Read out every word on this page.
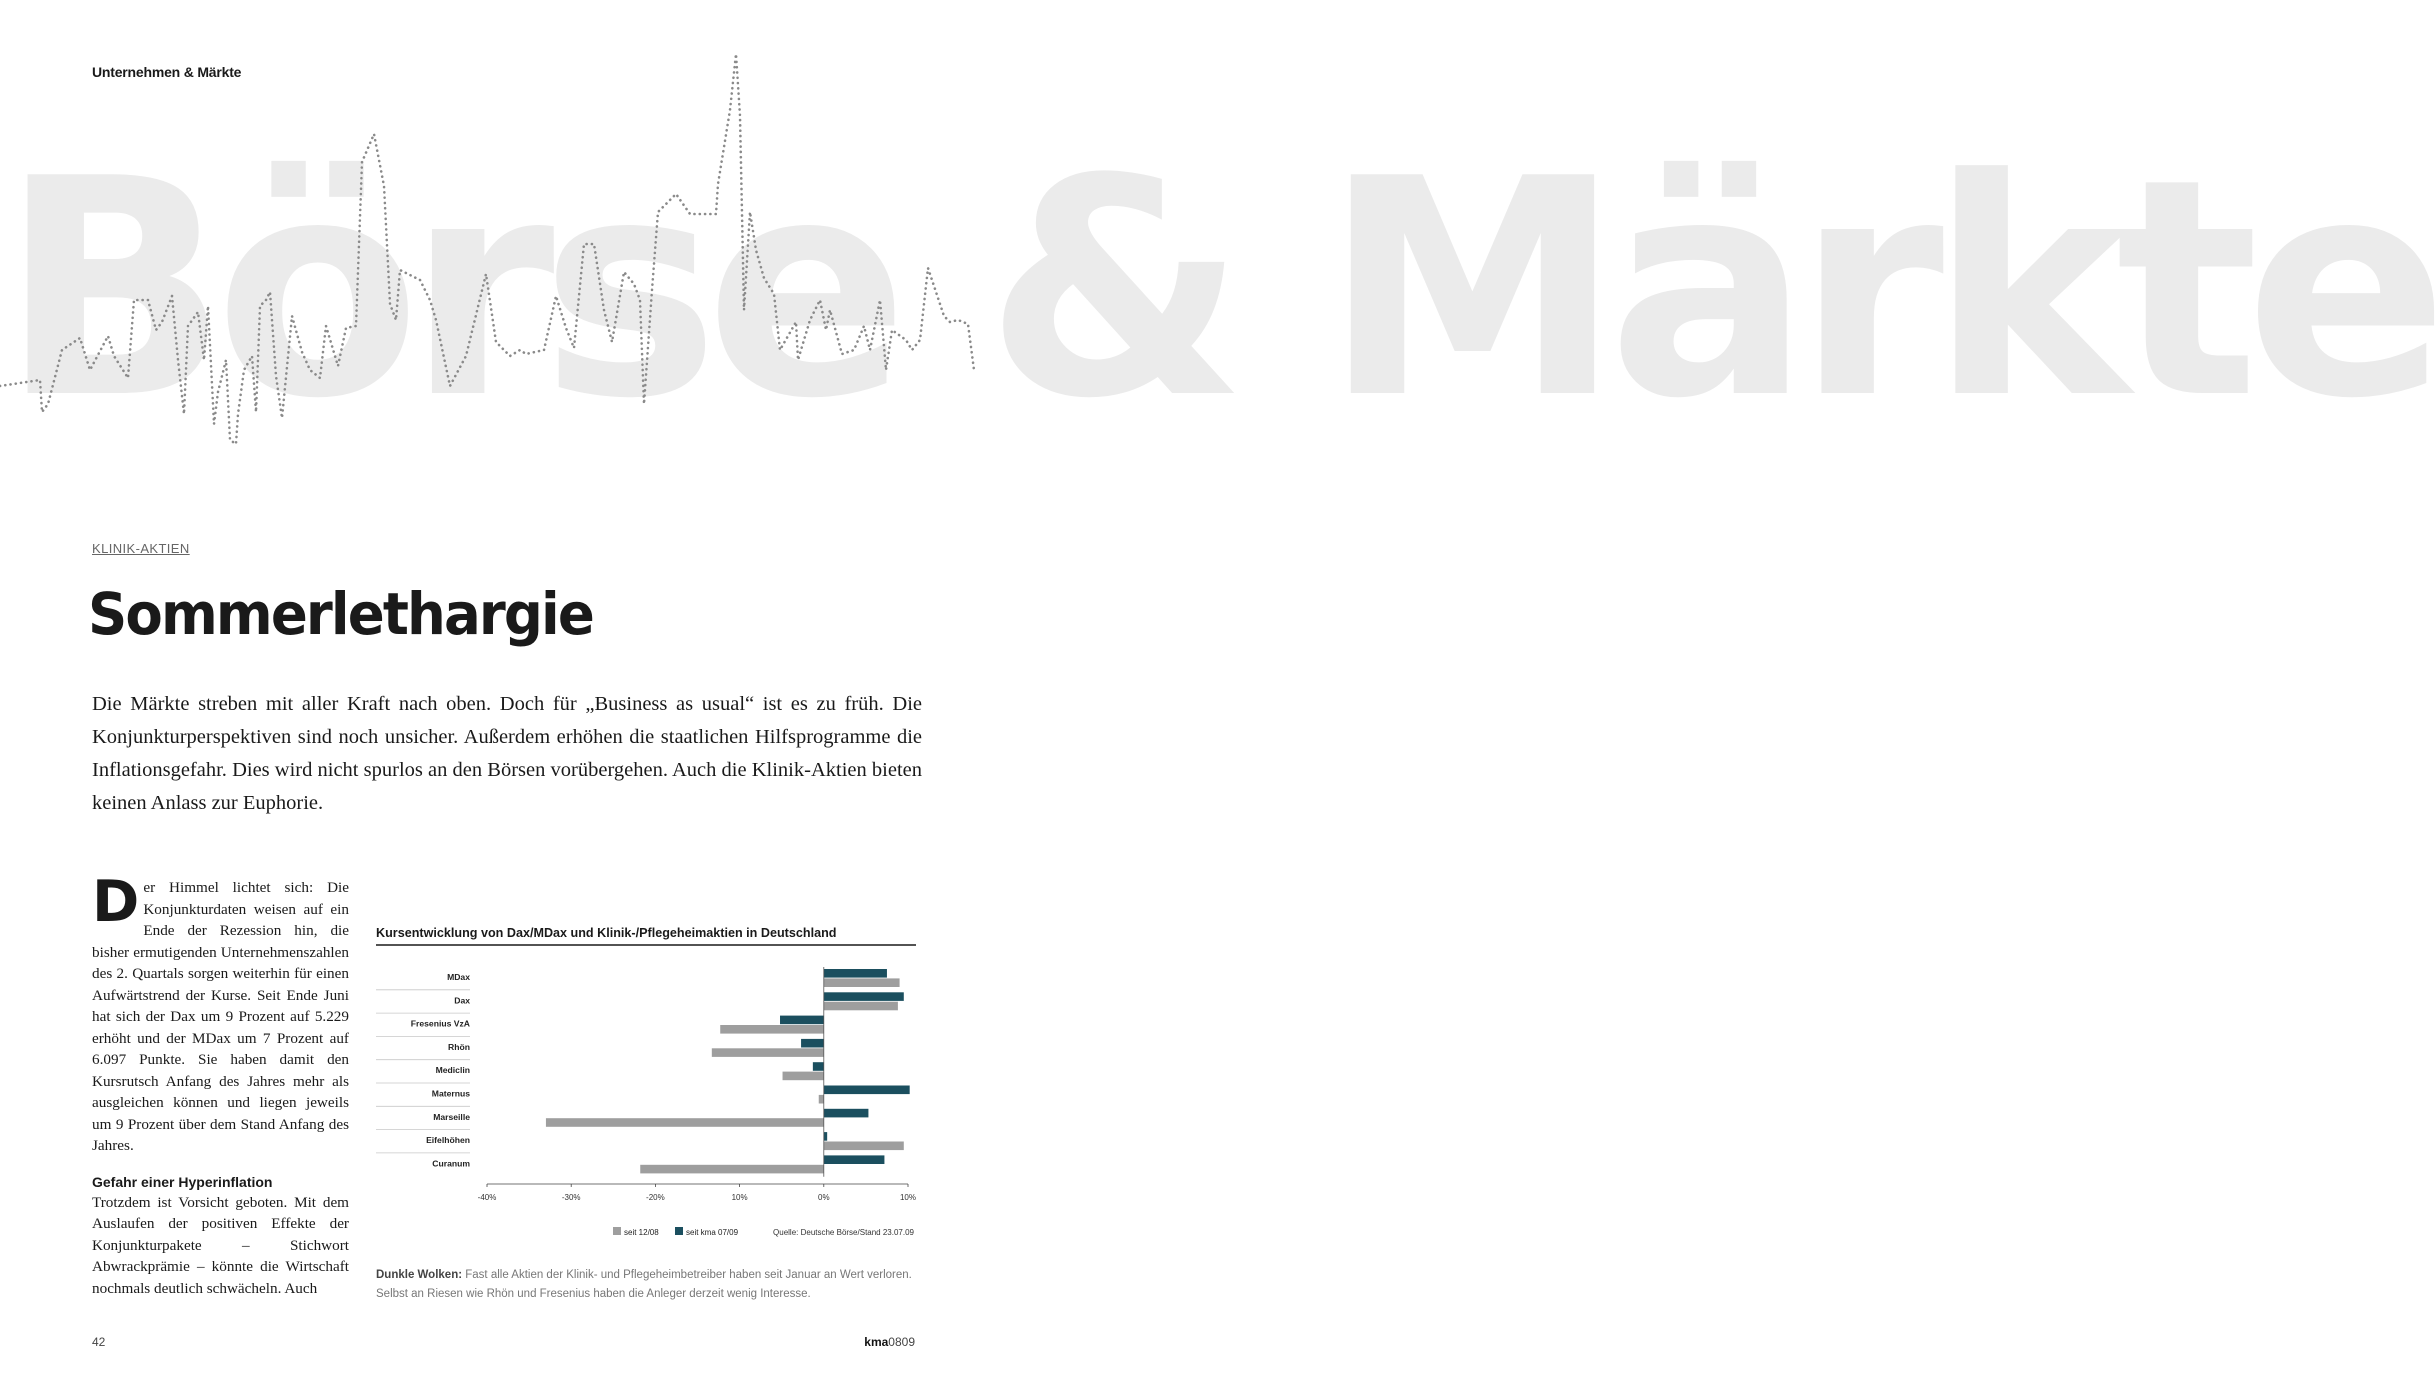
Börse & Märkte
Unternehmen & Märkte
KLINIK-AKTIEN
Sommerlethargie
Die Märkte streben mit aller Kraft nach oben. Doch für „Business as usual“ ist es zu früh. Die Konjunkturperspektiven sind noch unsicher. Außerdem erhöhen die staatlichen Hilfsprogramme die Inflationsgefahr. Dies wird nicht spurlos an den Börsen vorübergehen. Auch die Klinik-Aktien bieten keinen Anlass zur Euphorie.
D er Himmel lichtet sich: Die Konjunkturdaten weisen auf ein Ende der Rezession hin, die bisher ermutigenden Unternehmenszahlen des 2. Quartals sorgen weiterhin für einen Aufwärtstrend der Kurse. Seit Ende Juni hat sich der Dax um 9 Prozent auf 5.229 erhöht und der MDax um 7 Prozent auf 6.097 Punkte. Sie haben damit den Kursrutsch Anfang des Jahres mehr als ausgleichen können und liegen jeweils um 9 Prozent über dem Stand Anfang des Jahres.

Gefahr einer Hyperinflation

Trotzdem ist Vorsicht geboten. Mit dem Auslaufen der positiven Effekte der Konjunkturpakete – Stichwort Abwrackprämie – könnte die Wirtschaft nochmals deutlich schwächeln. Auch

Kursentwicklung von Dax/MDax und Klinik-/Pflegeheimaktien in Deutschland
MDax
Dax
Fresenius VzA
Rhön
Mediclin
Maternus
Marseille
Eifelhöhen
Curanum
-40%	-30%	-20%	10%	0%	10%
seit 12/08	seit kma 07/09	Quelle: Deutsche Börse/Stand 23.07.09
Dunkle Wolken: Fast alle Aktien der Klinik- und Pflegeheimbetreiber haben seit Januar an Wert verloren. Selbst an Riesen wie Rhön und Fresenius haben die Anleger derzeit wenig Interesse.
42	kma0809
